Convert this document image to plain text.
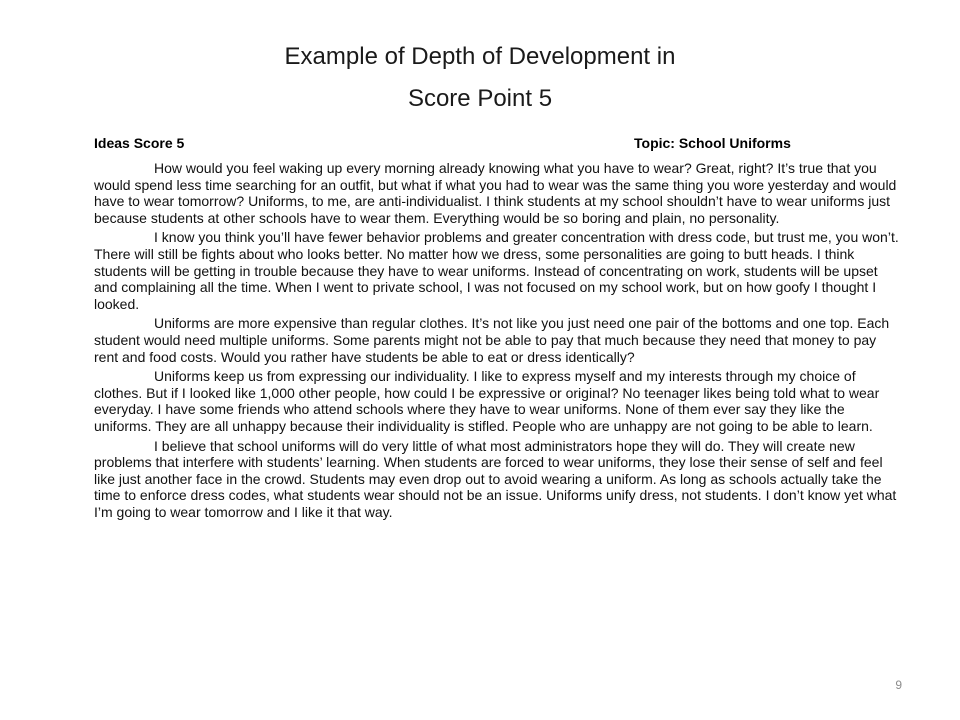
Example of Depth of Development in
Score Point 5
Ideas Score 5	Topic: School Uniforms

How would you feel waking up every morning already knowing what you have to wear? Great, right? It’s true that you would spend less time searching for an outfit, but what if what you had to wear was the same thing you wore yesterday and would have to wear tomorrow? Uniforms, to me, are anti-individualist. I think students at my school shouldn’t have to wear uniforms just because students at other schools have to wear them. Everything would be so boring and plain, no personality.

I know you think you’ll have fewer behavior problems and greater concentration with dress code, but trust me, you won’t. There will still be fights about who looks better. No matter how we dress, some personalities are going to butt heads. I think students will be getting in trouble because they have to wear uniforms. Instead of concentrating on work, students will be upset and complaining all the time. When I went to private school, I was not focused on my school work, but on how goofy I thought I looked.

Uniforms are more expensive than regular clothes. It’s not like you just need one pair of the bottoms and one top. Each student would need multiple uniforms. Some parents might not be able to pay that much because they need that money to pay rent and food costs. Would you rather have students be able to eat or dress identically?

Uniforms keep us from expressing our individuality. I like to express myself and my interests through my choice of clothes. But if I looked like 1,000 other people, how could I be expressive or original? No teenager likes being told what to wear everyday. I have some friends who attend schools where they have to wear uniforms. None of them ever say they like the uniforms. They are all unhappy because their individuality is stifled. People who are unhappy are not going to be able to learn.

I believe that school uniforms will do very little of what most administrators hope they will do. They will create new problems that interfere with students’ learning. When students are forced to wear uniforms, they lose their sense of self and feel like just another face in the crowd. Students may even drop out to avoid wearing a uniform. As long as schools actually take the time to enforce dress codes, what students wear should not be an issue. Uniforms unify dress, not students. I don’t know yet what I’m going to wear tomorrow and I like it that way.

9
